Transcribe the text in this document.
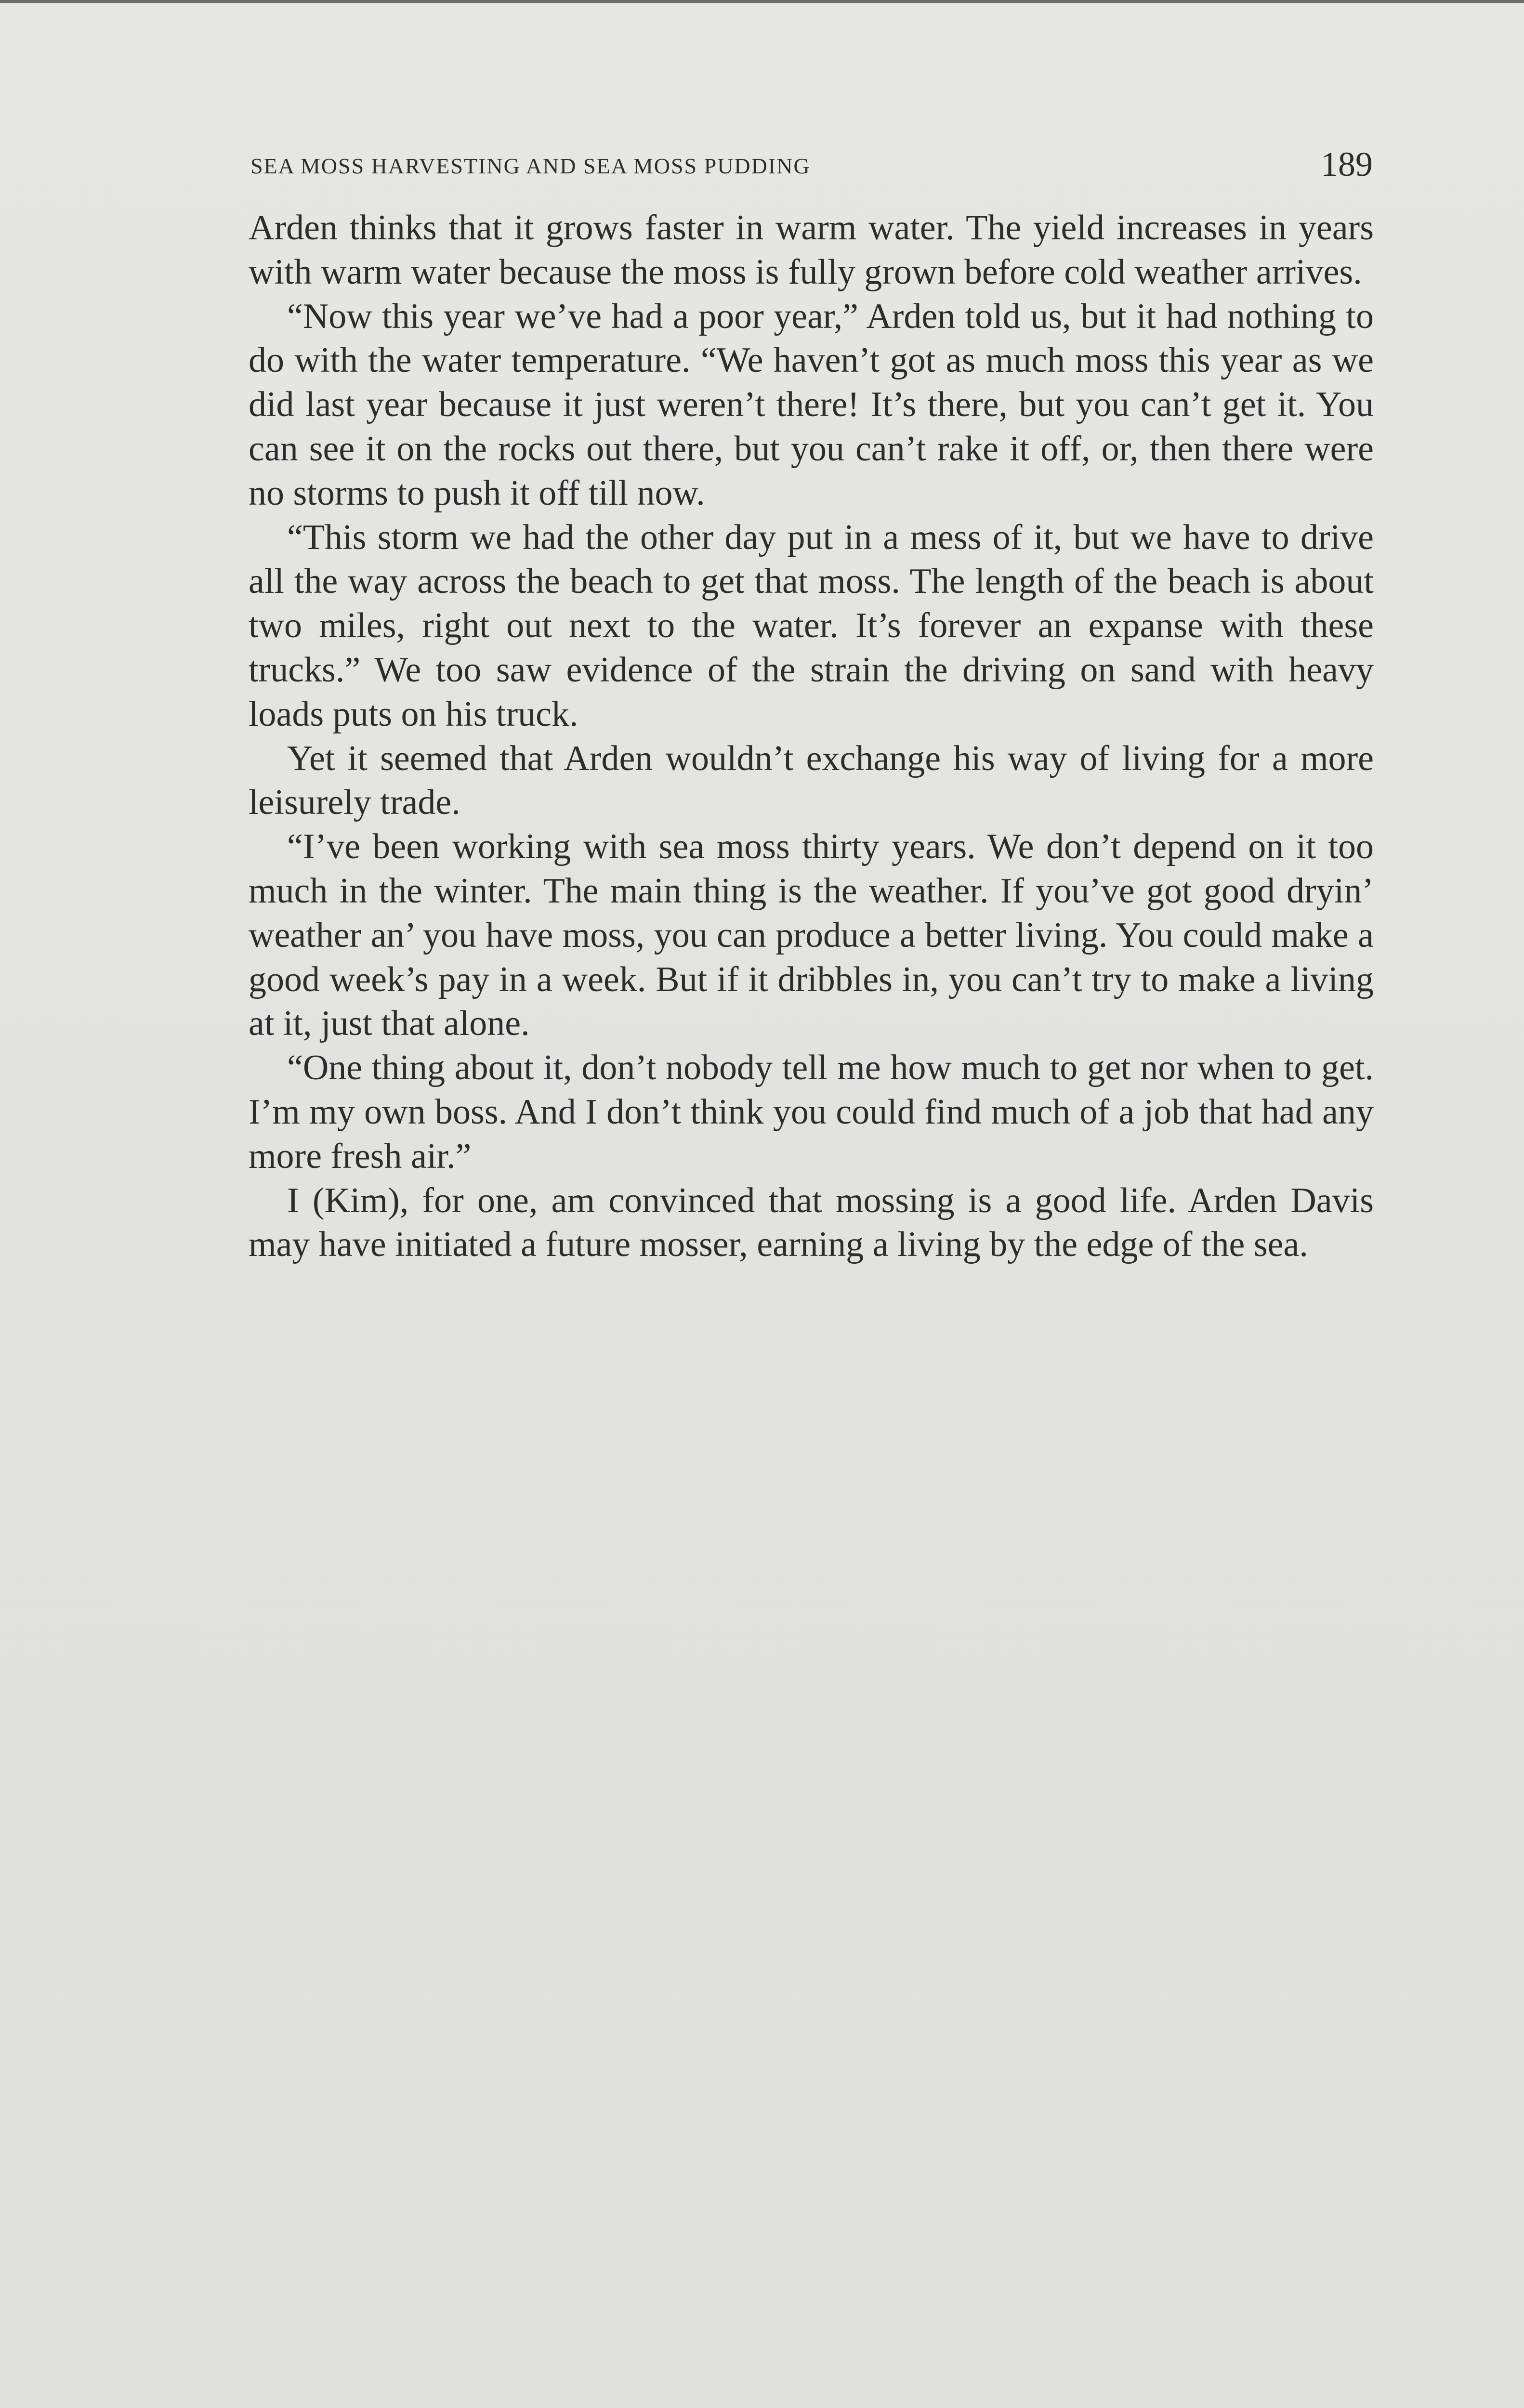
SEA MOSS HARVESTING AND SEA MOSS PUDDING	189

Arden thinks that it grows faster in warm water. The yield increases in years with warm water because the moss is fully grown before cold weather arrives.

“Now this year we’ve had a poor year,” Arden told us, but it had nothing to do with the water temperature. “We haven’t got as much moss this year as we did last year because it just weren’t there! It’s there, but you can’t get it. You can see it on the rocks out there, but you can’t rake it off, or, then there were no storms to push it off till now.

“This storm we had the other day put in a mess of it, but we have to drive all the way across the beach to get that moss. The length of the beach is about two miles, right out next to the water. It’s forever an expanse with these trucks.” We too saw evidence of the strain the driving on sand with heavy loads puts on his truck.

Yet it seemed that Arden wouldn’t exchange his way of living for a more leisurely trade.

“I’ve been working with sea moss thirty years. We don’t depend on it too much in the winter. The main thing is the weather. If you’ve got good dryin’ weather an’ you have moss, you can produce a better living. You could make a good week’s pay in a week. But if it dribbles in, you can’t try to make a living at it, just that alone.

“One thing about it, don’t nobody tell me how much to get nor when to get. I’m my own boss. And I don’t think you could find much of a job that had any more fresh air.”

I (Kim), for one, am convinced that mossing is a good life. Arden Davis may have initiated a future mosser, earning a living by the edge of the sea.
